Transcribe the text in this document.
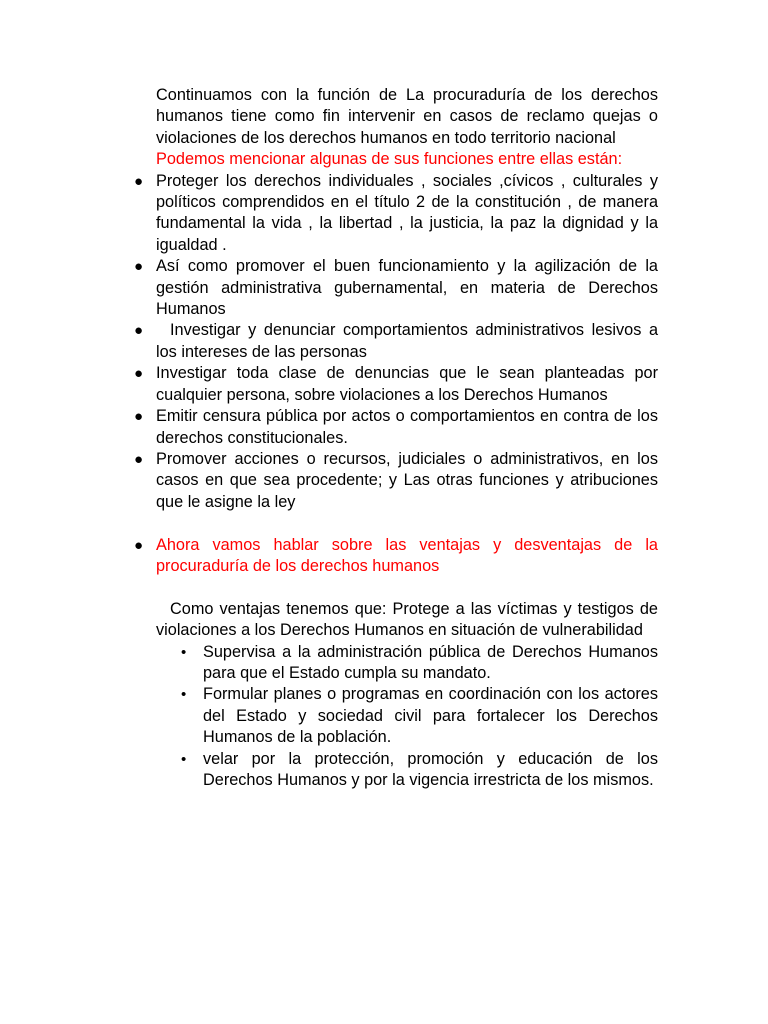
Continuamos con la función de La procuraduría de los derechos humanos tiene como fin intervenir en casos de reclamo quejas o violaciones de los derechos humanos en todo territorio nacional

Podemos mencionar algunas de sus funciones entre ellas están:

● Proteger los derechos individuales , sociales ,cívicos , culturales y políticos comprendidos en el título 2 de la constitución , de manera fundamental la vida , la libertad , la justicia, la paz la dignidad y la igualdad .
● Así como promover el buen funcionamiento y la agilización de la gestión administrativa gubernamental, en materia de Derechos Humanos
● Investigar y denunciar comportamientos administrativos lesivos a los intereses de las personas
● Investigar toda clase de denuncias que le sean planteadas por cualquier persona, sobre violaciones a los Derechos Humanos
● Emitir censura pública por actos o comportamientos en contra de los derechos constitucionales.
● Promover acciones o recursos, judiciales o administrativos, en los casos en que sea procedente; y Las otras funciones y atribuciones que le asigne la ley
● Ahora vamos hablar sobre las ventajas y desventajas de la procuraduría de los derechos humanos

Como ventajas tenemos que: Protege a las víctimas y testigos de violaciones a los Derechos Humanos en situación de vulnerabilidad

• Supervisa a la administración pública de Derechos Humanos para que el Estado cumpla su mandato.
• Formular planes o programas en coordinación con los actores del Estado y sociedad civil para fortalecer los Derechos Humanos de la población.
• velar por la protección, promoción y educación de los Derechos Humanos y por la vigencia irrestricta de los mismos.
